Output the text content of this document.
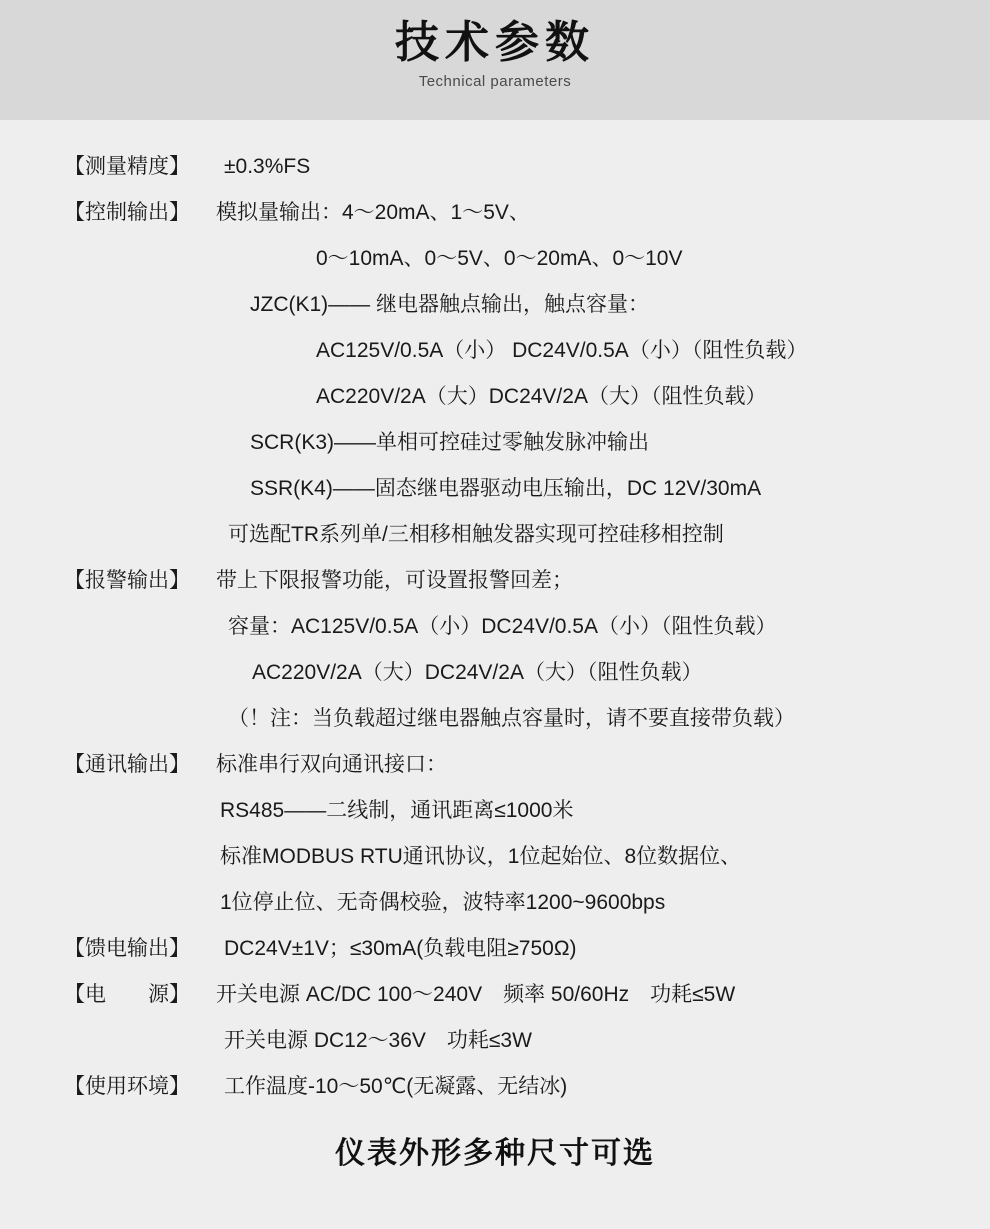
技术参数
Technical parameters
【测量精度】	±0.3%FS
【控制输出】	模拟量输出：4～20mA、1～5V、
0～10mA、0～5V、0～20mA、0～10V
JZC(K1)—— 继电器触点输出，触点容量：
AC125V/0.5A（小） DC24V/0.5A（小）（阻性负载）
AC220V/2A（大）DC24V/2A（大）（阻性负载）
SCR(K3)——单相可控硅过零触发脉冲输出
SSR(K4)——固态继电器驱动电压输出，DC 12V/30mA
可选配TR系列单/三相移相触发器实现可控硅移相控制
【报警输出】	带上下限报警功能，可设置报警回差；
容量：AC125V/0.5A（小）DC24V/0.5A（小）（阻性负载）
AC220V/2A（大）DC24V/2A（大）（阻性负载）
（！注：当负载超过继电器触点容量时，请不要直接带负载）
【通讯输出】	标准串行双向通讯接口：
RS485——二线制，通讯距离≤1000米
标准MODBUS RTU通讯协议，1位起始位、8位数据位、
1位停止位、无奇偶校验，波特率1200~9600bps
【馈电输出】	DC24V±1V；≤30mA(负载电阻≥750Ω)
【电　　源】	开关电源 AC/DC 100～240V　频率 50/60Hz　功耗≤5W
开关电源 DC12～36V　功耗≤3W
【使用环境】	工作温度-10～50℃(无凝露、无结冰)
仪表外形多种尺寸可选
